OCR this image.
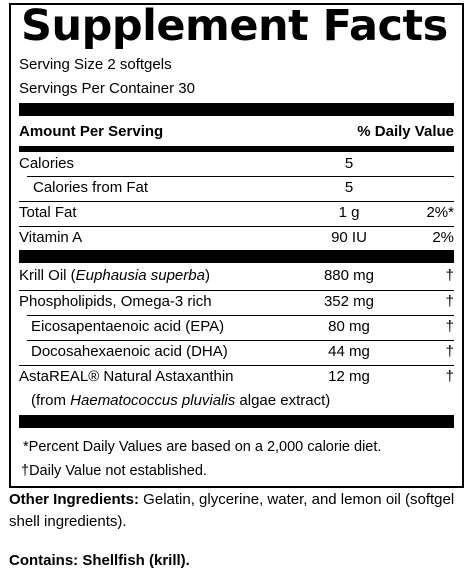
Supplement Facts
Serving Size 2 softgels
Servings Per Container 30
Amount Per Serving	% Daily Value
Calories	5
Calories from Fat	5
Total Fat	1 g	2%*
Vitamin A	90 IU	2%
Krill Oil (Euphausia superba)	880 mg	†
Phospholipids, Omega-3 rich	352 mg	†
Eicosapentaenoic acid (EPA)	80 mg	†
Docosahexaenoic acid (DHA)	44 mg	†
AstaREAL® Natural Astaxanthin	12 mg	†
(from Haematococcus pluvialis algae extract)
*Percent Daily Values are based on a 2,000 calorie diet.
†Daily Value not established.
Other Ingredients: Gelatin, glycerine, water, and lemon oil (softgel shell ingredients).
Contains: Shellfish (krill).
